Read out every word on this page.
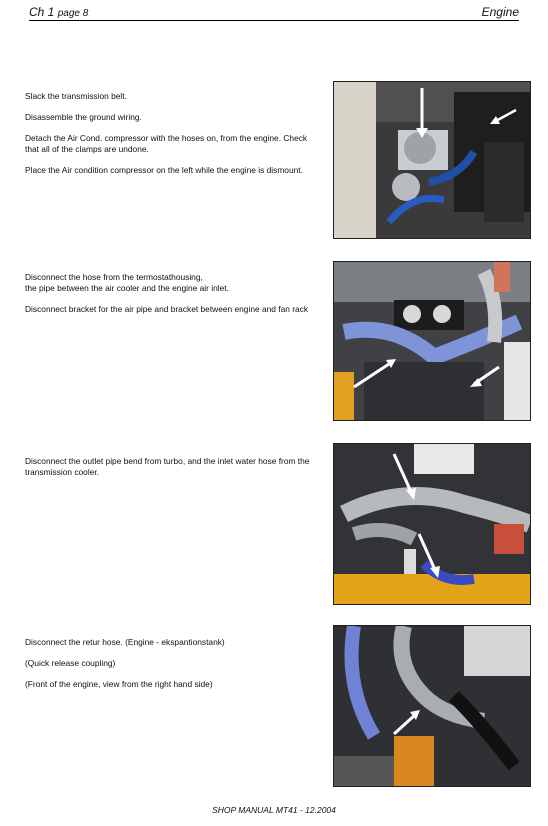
Ch 1 page 8	Engine

Slack the transmission belt.

Disassemble the ground wiring.

Detach the Air Cond. compressor with the hoses on, from the engine. Check that all of the clamps are undone.

Place the Air condition compressor on the left while the engine is dismount.

Disconnect the hose from the termostathousing,
the pipe between the air cooler and the engine air inlet.

Disconnect bracket for the air pipe and bracket between engine and fan rack

Disconnect the outlet pipe bend from turbo, and the inlet water hose from the transmission cooler.

Disconnect the retur hose. (Engine - ekspantionstank)

(Quick release coupling)

(Front of the engine, view from the right hand side)

SHOP MANUAL MT41 - 12.2004
